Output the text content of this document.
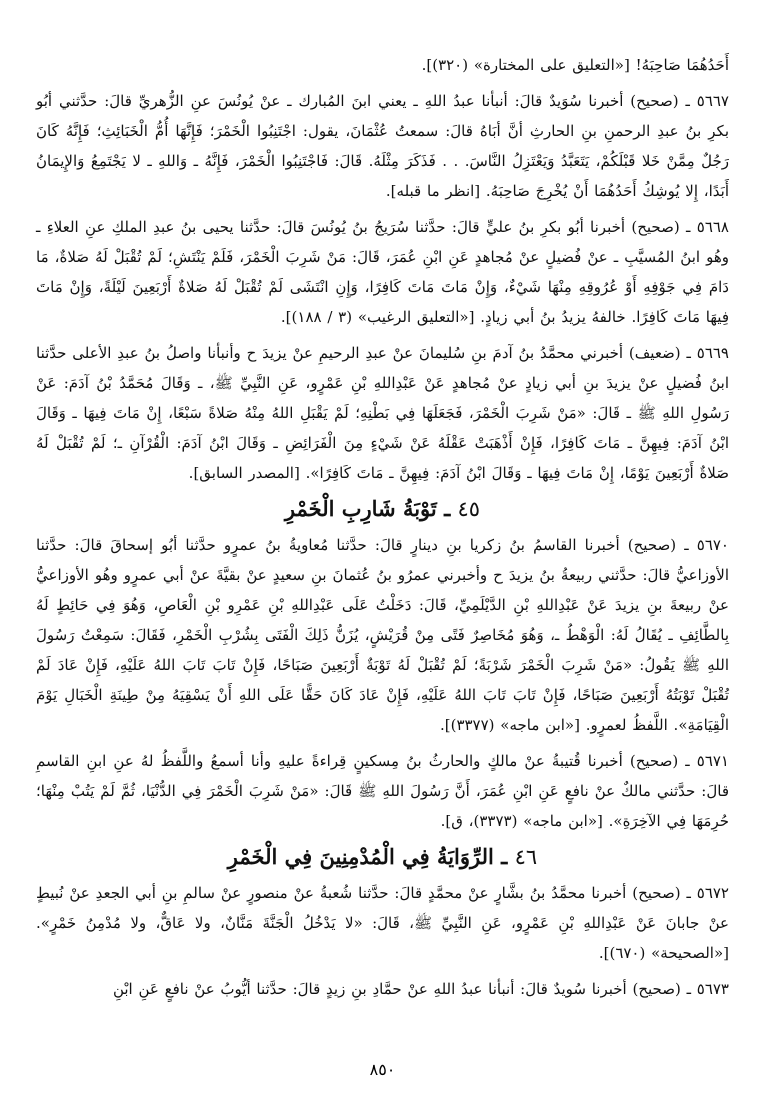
أَحَدُهُمَا صَاحِبَهُ! [«التعليق على المختارة» (٣٢٠)].

٥٦٦٧ ـ (صحيح) أخبرنا سُوَيدٌ قالَ: أنبأنا عبدُ اللهِ ـ يعني ابنَ المُبارك ـ عنْ يُونُسَ عنِ الزُّهريِّ قالَ: حدَّثني أبُو بكرِ بنُ عبدِ الرحمنِ بنِ الحارثِ أنَّ أبَاهُ قالَ: سمعتُ عُثْمَانَ، يقول: اجْتَنِبُوا الْخَمْرَ؛ فَإِنَّهَا أُمُّ الْخَبَائِثِ؛ فَإِنَّهُ كَانَ رَجُلٌ مِمَّنْ خَلا قَبْلَكُمْ، يَتَعَبَّدُ وَيَعْتَزِلُ النَّاسَ. . . فَذَكَرَ مِثْلَهُ. قَالَ: فَاجْتَنِبُوا الْخَمْرَ، فَإِنَّهُ ـ وَاللهِ ـ لا يَجْتَمِعُ وَالإِيمَانُ أَبَدًا، إِلا يُوشِكُ أَحَدُهُمَا أَنْ يُخْرِجَ صَاحِبَهُ. [انظر ما قبله].

٥٦٦٨ ـ (صحيح) أخبرنا أبُو بكرِ بنُ عليٍّ قالَ: حدَّثنا سُرَيجُ بنُ يُونُسَ قالَ: حدَّثنا يحيى بنُ عبدِ الملكِ عنِ العلاءِ ـ وهُو ابنُ المُسيَّبِ ـ عنْ فُضيلٍ عنْ مُجاهدٍ عَنِ ابْنِ عُمَرَ، قَالَ: مَنْ شَرِبَ الْخَمْرَ، فَلَمْ يَنْتَشِ؛ لَمْ تُقْبَلْ لَهُ صَلاةٌ، مَا دَامَ فِي جَوْفِهِ أَوْ عُرُوقِهِ مِنْهَا شَيْءٌ، وَإِنْ مَاتَ مَاتَ كَافِرًا، وَإِنِ انْتَشَى لَمْ تُقْبَلْ لَهُ صَلاةٌ أَرْبَعِينَ لَيْلَةً، وَإِنْ مَاتَ فِيهَا مَاتَ كَافِرًا. خالفهُ يزيدُ بنُ أبي زيادٍ. [«التعليق الرغيب» (٣ / ١٨٨)].

٥٦٦٩ ـ (ضعيف) أخبرني محمَّدُ بنُ آدمَ بنِ سُليمانَ عنْ عبدِ الرحيمِ عنْ يزيدَ ح وأنبأنا واصلُ بنُ عبدِ الأعلى حدَّثنا ابنُ فُضيلٍ عنْ يزيدَ بنِ أبي زيادٍ عنْ مُجاهدٍ عَنْ عَبْدِاللهِ بْنِ عَمْرٍو، عَنِ النَّبِيِّ ﷺ، ـ وَقَالَ مُحَمَّدُ بْنُ آدَمَ: عَنْ رَسُولِ اللهِ ﷺ ـ قَالَ: «مَنْ شَرِبَ الْخَمْرَ، فَجَعَلَهَا فِي بَطْنِهِ؛ لَمْ يَقْبَلِ اللهُ مِنْهُ صَلاةً سَبْعًا، إِنْ مَاتَ فِيهَا ـ وَقَالَ ابْنُ آدَمَ: فِيهِنَّ ـ مَاتَ كَافِرًا، فَإِنْ أَذْهَبَتْ عَقْلَهُ عَنْ شَيْءٍ مِنَ الْفَرَائِضِ ـ وَقَالَ ابْنُ آدَمَ: الْقُرْآنِ ـ؛ لَمْ تُقْبَلْ لَهُ صَلاةٌ أَرْبَعِينَ يَوْمًا، إِنْ مَاتَ فِيهَا ـ وَقَالَ ابْنُ آدَمَ: فِيهِنَّ ـ مَاتَ كَافِرًا». [المصدر السابق].

٤٥ ـ تَوْبَةُ شَارِبِ الْخَمْرِ

٥٦٧٠ ـ (صحيح) أخبرنا القاسمُ بنُ زكريا بنِ دينارٍ قالَ: حدَّثنا مُعاويةُ بنُ عمرٍو حدَّثنا أبُو إسحاقَ قالَ: حدَّثنا الأوزاعيُّ قالَ: حدَّثني ربيعةُ بنُ يزيدَ ح وأخبرني عمرُو بنُ عُثمانَ بنِ سعيدٍ عنْ بقيَّةَ عنْ أبي عمرٍو وهُو الأوزاعيُّ عنْ ربيعةَ بنِ يزيدَ عَنْ عَبْدِاللهِ بْنِ الدَّيْلَمِيِّ، قَالَ: دَخَلْتُ عَلَى عَبْدِاللهِ بْنِ عَمْرِو بْنِ الْعَاصِ، وَهُوَ فِي حَائِطٍ لَهُ بِالطَّائِفِ ـ يُقَالُ لَهُ: الْوَهْطُ ـ، وَهُوَ مُخَاصِرٌ فَتًى مِنْ قُرَيْشٍ، يُزَنُّ ذَلِكَ الْفَتَى بِشُرْبِ الْخَمْرِ، فَقَالَ: سَمِعْتُ رَسُولَ اللهِ ﷺ يَقُولُ: «مَنْ شَرِبَ الْخَمْرَ شَرْبَةً؛ لَمْ تُقْبَلْ لَهُ تَوْبَةٌ أَرْبَعِينَ صَبَاحًا، فَإِنْ تَابَ تَابَ اللهُ عَلَيْهِ، فَإِنْ عَادَ لَمْ تُقْبَلْ تَوْبَتُهُ أَرْبَعِينَ صَبَاحًا، فَإِنْ تَابَ تَابَ اللهُ عَلَيْهِ، فَإِنْ عَادَ كَانَ حَقًّا عَلَى اللهِ أَنْ يَسْقِيَهُ مِنْ طِينَةِ الْخَبَالِ يَوْمَ الْقِيَامَةِ». اللَّفظُ لعمرٍو. [«ابن ماجه» (٣٣٧٧)].

٥٦٧١ ـ (صحيح) أخبرنا قُتيبةُ عنْ مالكٍ والحارثُ بنُ مِسكينٍ قِراءةً عليهِ وأنا أسمعُ واللَّفظُ لهُ عنِ ابنِ القاسمِ قالَ: حدَّثني مالكٌ عنْ نافعٍ عَنِ ابْنِ عُمَرَ، أَنَّ رَسُولَ اللهِ ﷺ قَالَ: «مَنْ شَرِبَ الْخَمْرَ فِي الدُّنْيَا، ثُمَّ لَمْ يَتُبْ مِنْهَا؛ حُرِمَهَا فِي الآخِرَةِ». [«ابن ماجه» (٣٣٧٣)، ق].

٤٦ ـ الرِّوَايَةُ فِي الْمُدْمِنِينَ فِي الْخَمْرِ

٥٦٧٢ ـ (صحيح) أخبرنا محمَّدُ بنُ بشَّارٍ عنْ محمَّدٍ قالَ: حدَّثنا شُعبةُ عنْ منصورٍ عنْ سالمِ بنِ أبي الجعدِ عنْ نُبيطٍ عنْ جابانَ عَنْ عَبْدِاللهِ بْنِ عَمْرٍو، عَنِ النَّبِيِّ ﷺ، قَالَ: «لا يَدْخُلُ الْجَنَّةَ مَنَّانٌ، ولا عَاقٌّ، ولا مُدْمِنُ خَمْرٍ». [«الصحيحة» (٦٧٠)].

٥٦٧٣ ـ (صحيح) أخبرنا سُويدٌ قالَ: أنبأنا عبدُ اللهِ عنْ حمَّادِ بنِ زيدٍ قالَ: حدَّثنا أيُّوبُ عنْ نافعٍ عَنِ ابْنِ

٨٥٠
